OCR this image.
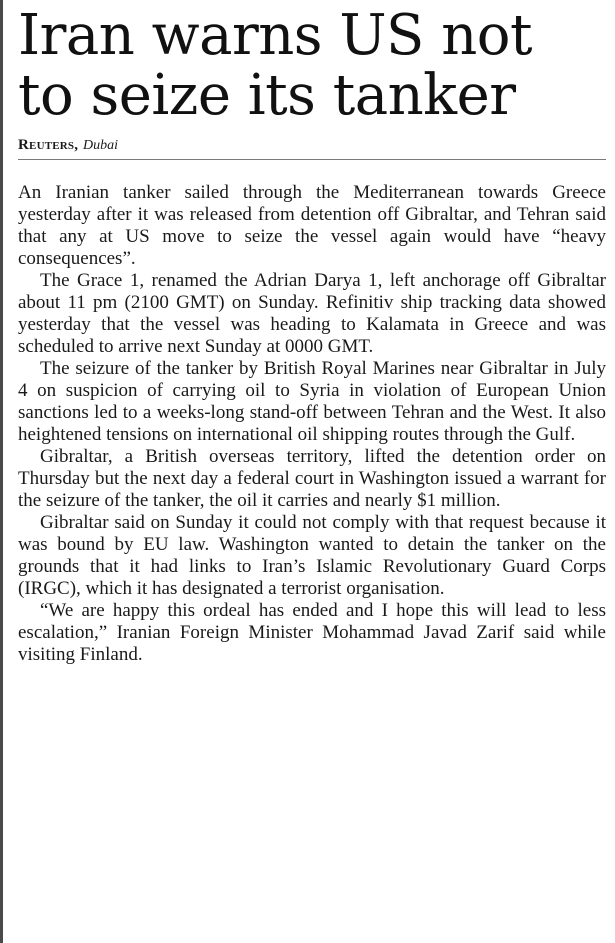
Iran warns US not
to seize its tanker
Reuters, Dubai

An Iranian tanker sailed through the Mediterranean towards Greece yesterday after it was released from detention off Gibraltar, and Tehran said that any at US move to seize the vessel again would have “heavy consequences”.

The Grace 1, renamed the Adrian Darya 1, left anchorage off Gibraltar about 11 pm (2100 GMT) on Sunday. Refinitiv ship tracking data showed yesterday that the vessel was heading to Kalamata in Greece and was scheduled to arrive next Sunday at 0000 GMT.

The seizure of the tanker by British Royal Marines near Gibraltar in July 4 on suspicion of carrying oil to Syria in violation of European Union sanctions led to a weeks-long stand-off between Tehran and the West. It also heightened tensions on international oil shipping routes through the Gulf.

Gibraltar, a British overseas territory, lifted the detention order on Thursday but the next day a federal court in Washington issued a warrant for the seizure of the tanker, the oil it carries and nearly $1 million.

Gibraltar said on Sunday it could not comply with that request because it was bound by EU law. Washington wanted to detain the tanker on the grounds that it had links to Iran’s Islamic Revolutionary Guard Corps (IRGC), which it has designated a terrorist organisation.

“We are happy this ordeal has ended and I hope this will lead to less escalation,” Iranian Foreign Minister Mohammad Javad Zarif said while visiting Finland.
